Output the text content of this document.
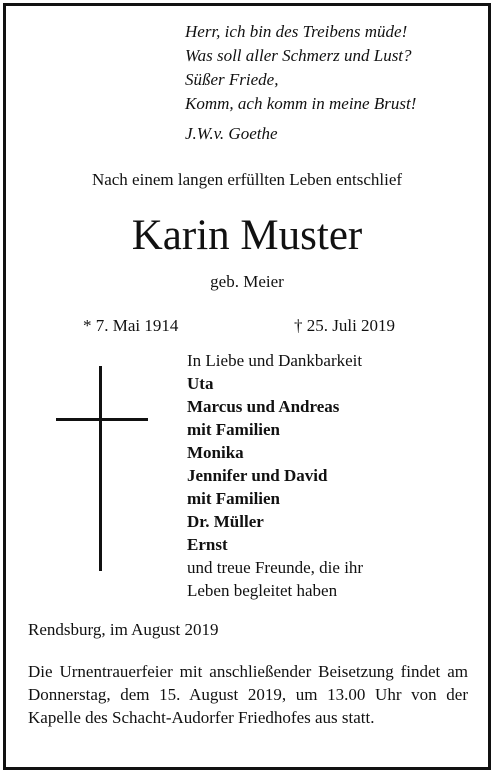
Herr, ich bin des Treibens müde!
Was soll aller Schmerz und Lust?
Süßer Friede,
Komm, ach komm in meine Brust!
J.W.v. Goethe
Nach einem langen erfüllten Leben entschlief
Karin Muster
geb. Meier
* 7. Mai 1914	† 25. Juli 2019
In Liebe und Dankbarkeit
Uta
Marcus und Andreas
mit Familien
Monika
Jennifer und David
mit Familien
Dr. Müller
Ernst
und treue Freunde, die ihr
Leben begleitet haben
Rendsburg, im August 2019
Die Urnentrauerfeier mit anschließender Beisetzung findet am Donnerstag, dem 15. August 2019, um 13.00 Uhr von der Kapelle des Schacht-Audorfer Friedhofes aus statt.
